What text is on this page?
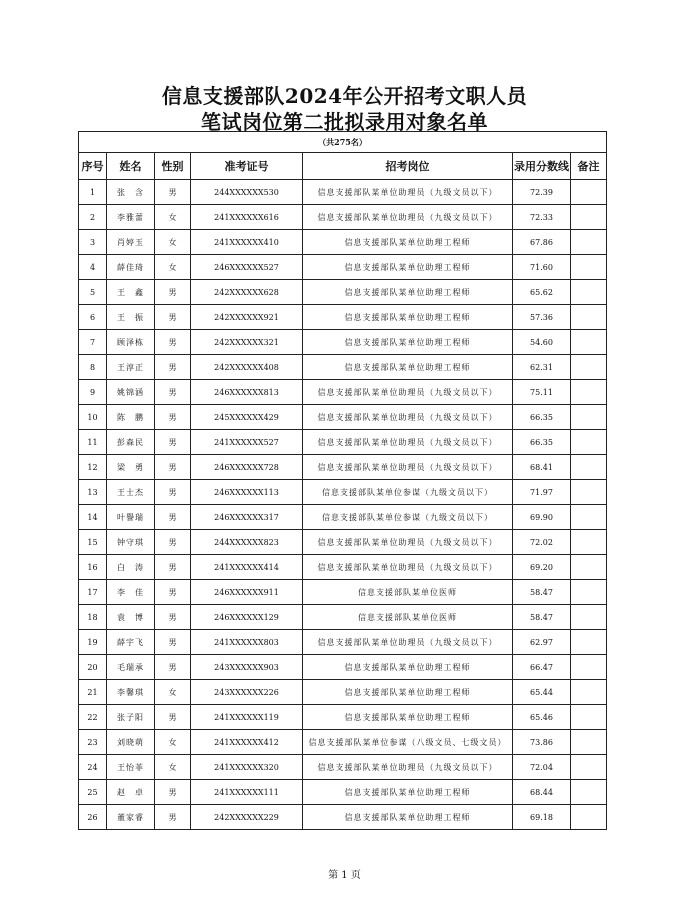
信息支援部队2024年公开招考文职人员
笔试岗位第二批拟录用对象名单
（共275名）						
序号	姓名	性别	准考证号	招考岗位	录用分数线	备注
1	张　含	男	244XXXXXX530	信息支援部队某单位助理员（九级文员以下）	72.39	
2	李雅蕾	女	241XXXXXX616	信息支援部队某单位助理员（九级文员以下）	72.33	
3	肖婷玉	女	241XXXXXX410	信息支援部队某单位助理工程师	67.86	
4	薛佳琦	女	246XXXXXX527	信息支援部队某单位助理工程师	71.60	
5	王　鑫	男	242XXXXXX628	信息支援部队某单位助理工程师	65.62	
6	王　振	男	242XXXXXX921	信息支援部队某单位助理工程师	57.36	
7	顾泽栋	男	242XXXXXX321	信息支援部队某单位助理工程师	54.60	
8	王淳正	男	242XXXXXX408	信息支援部队某单位助理工程师	62.31	
9	姚锦涵	男	246XXXXXX813	信息支援部队某单位助理员（九级文员以下）	75.11	
10	陈　鹏	男	245XXXXXX429	信息支援部队某单位助理员（九级文员以下）	66.35	
11	彭森民	男	241XXXXXX527	信息支援部队某单位助理员（九级文员以下）	66.35	
12	梁　勇	男	246XXXXXX728	信息支援部队某单位助理员（九级文员以下）	68.41	
13	王士杰	男	246XXXXXX113	信息支援部队某单位参谋（九级文员以下）	71.97	
14	叶譽瑞	男	246XXXXXX317	信息支援部队某单位参谋（九级文员以下）	69.90	
15	钟守琪	男	244XXXXXX823	信息支援部队某单位助理员（九级文员以下）	72.02	
16	白　涛	男	241XXXXXX414	信息支援部队某单位助理员（九级文员以下）	69.20	
17	李　佳	男	246XXXXXX911	信息支援部队某单位医师	58.47	
18	袁　博	男	246XXXXXX129	信息支援部队某单位医师	58.47	
19	薛宇飞	男	241XXXXXX803	信息支援部队某单位助理员（九级文员以下）	62.97	
20	毛瑞承	男	243XXXXXX903	信息支援部队某单位助理工程师	66.47	
21	李馨琪	女	243XXXXXX226	信息支援部队某单位助理工程师	65.44	
22	张子阳	男	241XXXXXX119	信息支援部队某单位助理工程师	65.46	
23	刘晓萌	女	241XXXXXX412	信息支援部队某单位参谋（八级文员、七级文员）	73.86	
24	王怡菲	女	241XXXXXX320	信息支援部队某单位助理员（九级文员以下）	72.04	
25	赵　卓	男	241XXXXXX111	信息支援部队某单位助理工程师	68.44	
26	董家睿	男	242XXXXXX229	信息支援部队某单位助理工程师	69.18	
第 1 页
